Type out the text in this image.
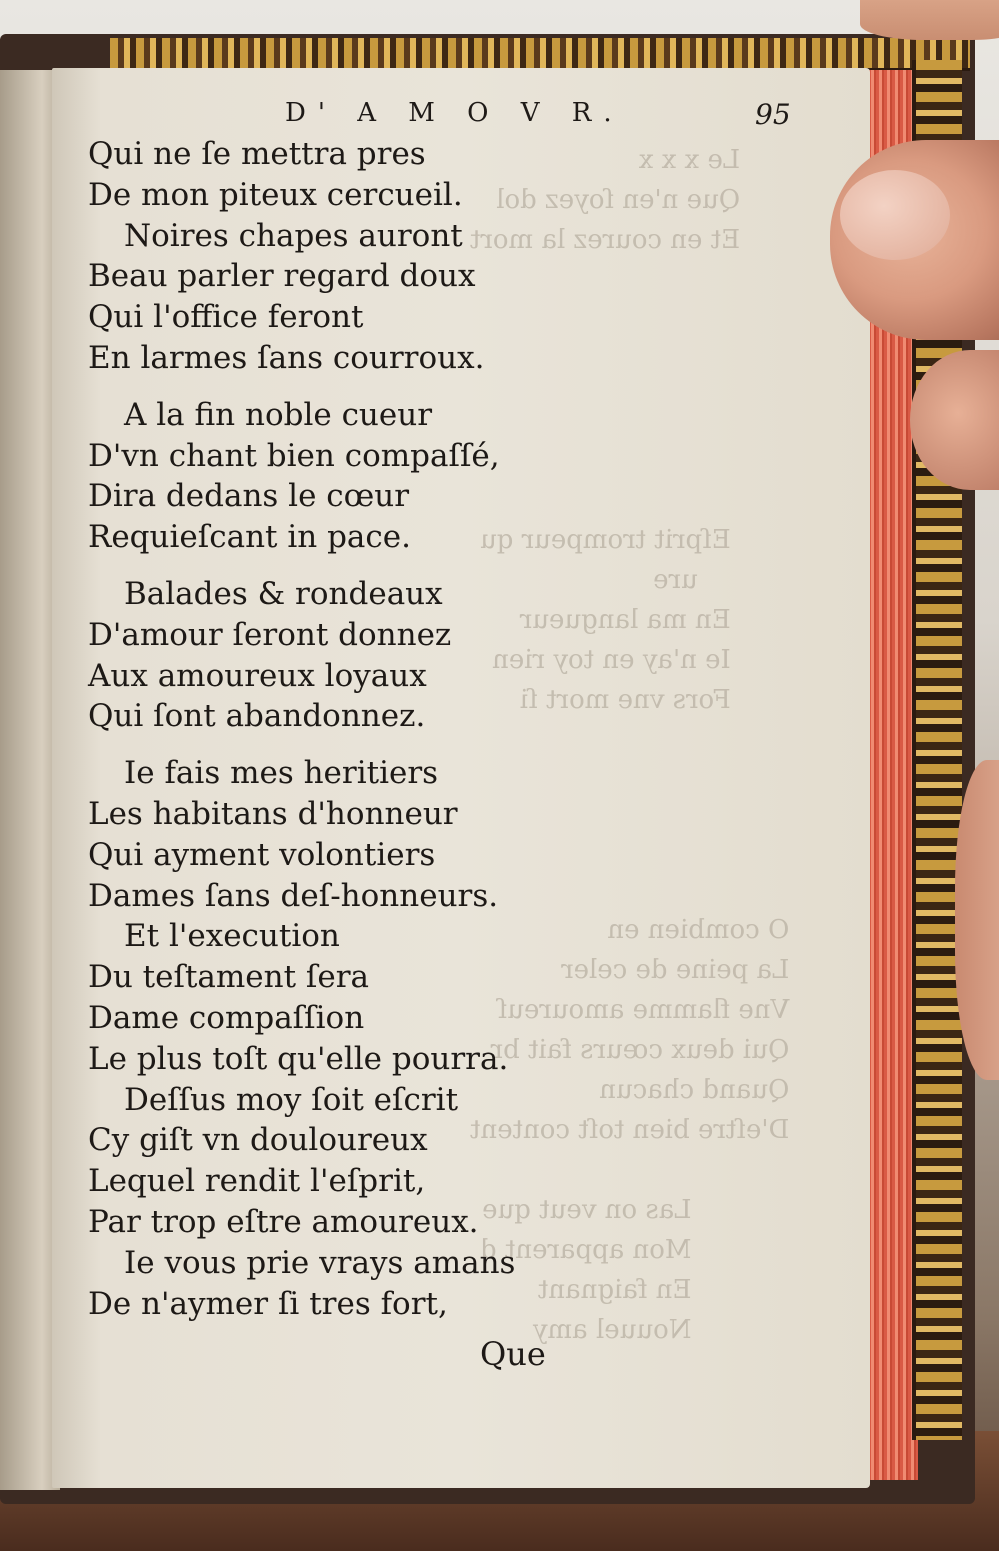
Le x x x
Que n'en ſoyez dol
Et en courez la mort
Eſprit trompeur qu
ure
En ma langueur
Ie n'ay en toy rien
Fors vne mort ſi
O combien en
La peine de celer
Vne flamme amoureuſ
Qui deux cœurs fait br
Quand chacun
D'eſtre bien toſt content
Las on veut que
Mon apparent d
En faignant
Nouuel amy
D' A M O V R.	95
Qui ne ſe mettra pres
De mon piteux cercueil.
Noires chapes auront
Beau parler regard doux
Qui l'office feront
En larmes ſans courroux.
A la fin noble cueur
D'vn chant bien compaſſé,
Dira dedans le cœur
Requieſcant in pace.
Balades & rondeaux
D'amour ſeront donnez
Aux amoureux loyaux
Qui ſont abandonnez.
Ie fais mes heritiers
Les habitans d'honneur
Qui ayment volontiers
Dames ſans deſ-honneurs.
Et l'execution
Du teſtament ſera
Dame compaſſion
Le plus toſt qu'elle pourra.
Deſſus moy ſoit eſcrit
Cy giſt vn douloureux
Lequel rendit l'eſprit,
Par trop eſtre amoureux.
Ie vous prie vrays amans
De n'aymer ſi tres fort,
Que
